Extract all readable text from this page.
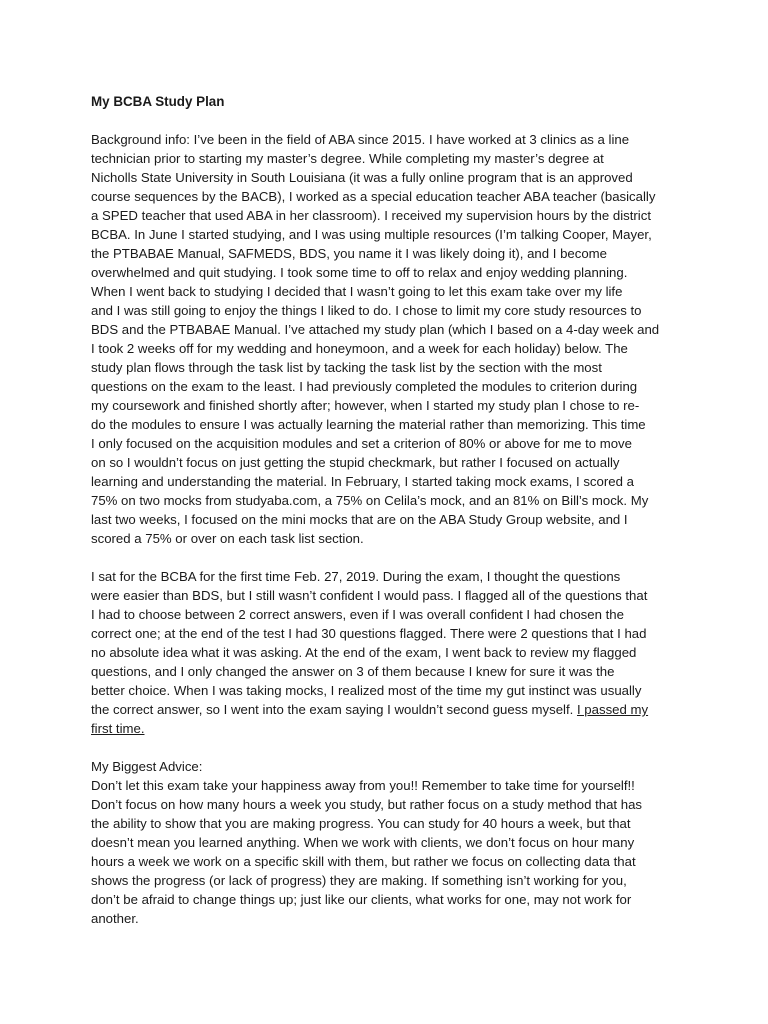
My BCBA Study Plan
Background info: I’ve been in the field of ABA since 2015. I have worked at 3 clinics as a line
technician prior to starting my master’s degree. While completing my master’s degree at
Nicholls State University in South Louisiana (it was a fully online program that is an approved
course sequences by the BACB), I worked as a special education teacher ABA teacher (basically
a SPED teacher that used ABA in her classroom). I received my supervision hours by the district
BCBA. In June I started studying, and I was using multiple resources (I’m talking Cooper, Mayer,
the PTBABAE Manual, SAFMEDS, BDS, you name it I was likely doing it), and I become
overwhelmed and quit studying. I took some time to off to relax and enjoy wedding planning.
When I went back to studying I decided that I wasn’t going to let this exam take over my life
and I was still going to enjoy the things I liked to do. I chose to limit my core study resources to
BDS and the PTBABAE Manual. I’ve attached my study plan (which I based on a 4-day week and
I took 2 weeks off for my wedding and honeymoon, and a week for each holiday) below. The
study plan flows through the task list by tacking the task list by the section with the most
questions on the exam to the least. I had previously completed the modules to criterion during
my coursework and finished shortly after; however, when I started my study plan I chose to re-
do the modules to ensure I was actually learning the material rather than memorizing. This time
I only focused on the acquisition modules and set a criterion of 80% or above for me to move
on so I wouldn’t focus on just getting the stupid checkmark, but rather I focused on actually
learning and understanding the material. In February, I started taking mock exams, I scored a
75% on two mocks from studyaba.com, a 75% on Celila’s mock, and an 81% on Bill’s mock. My
last two weeks, I focused on the mini mocks that are on the ABA Study Group website, and I
scored a 75% or over on each task list section.
I sat for the BCBA for the first time Feb. 27, 2019. During the exam, I thought the questions
were easier than BDS, but I still wasn’t confident I would pass. I flagged all of the questions that
I had to choose between 2 correct answers, even if I was overall confident I had chosen the
correct one; at the end of the test I had 30 questions flagged. There were 2 questions that I had
no absolute idea what it was asking. At the end of the exam, I went back to review my flagged
questions, and I only changed the answer on 3 of them because I knew for sure it was the
better choice. When I was taking mocks, I realized most of the time my gut instinct was usually
the correct answer, so I went into the exam saying I wouldn’t second guess myself. I passed my
first time.
My Biggest Advice:
Don’t let this exam take your happiness away from you!! Remember to take time for yourself!!
Don’t focus on how many hours a week you study, but rather focus on a study method that has
the ability to show that you are making progress. You can study for 40 hours a week, but that
doesn’t mean you learned anything. When we work with clients, we don’t focus on hour many
hours a week we work on a specific skill with them, but rather we focus on collecting data that
shows the progress (or lack of progress) they are making. If something isn’t working for you,
don’t be afraid to change things up; just like our clients, what works for one, may not work for
another.
